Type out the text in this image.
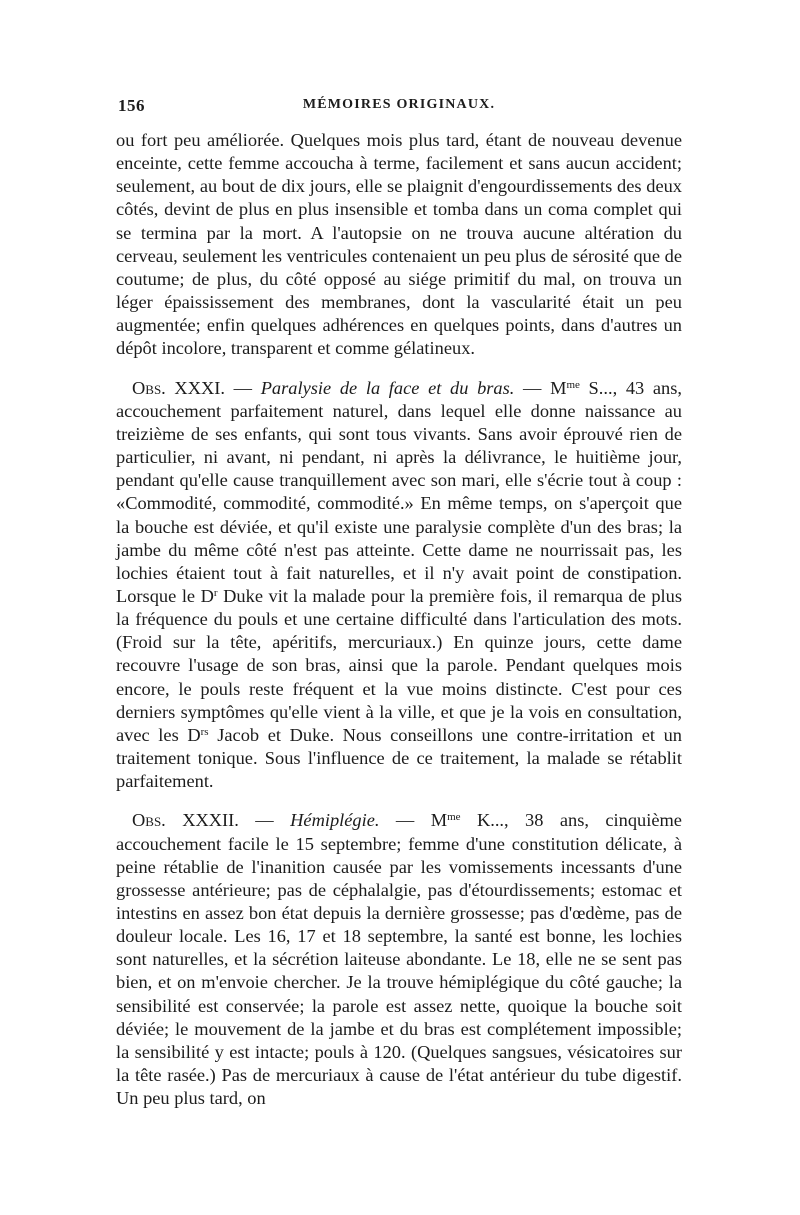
156	MÉMOIRES ORIGINAUX.

ou fort peu améliorée. Quelques mois plus tard, étant de nouveau devenue enceinte, cette femme accoucha à terme, facilement et sans aucun accident; seulement, au bout de dix jours, elle se plaignit d'engourdissements des deux côtés, devint de plus en plus insensible et tomba dans un coma complet qui se termina par la mort. A l'autopsie on ne trouva aucune altération du cerveau, seulement les ventricules contenaient un peu plus de sérosité que de coutume; de plus, du côté opposé au siége primitif du mal, on trouva un léger épaississement des membranes, dont la vascularité était un peu augmentée; enfin quelques adhérences en quelques points, dans d'autres un dépôt incolore, transparent et comme gélatineux.

Obs. XXXI. — Paralysie de la face et du bras. — $M^{me}$ S..., 43 ans, accouchement parfaitement naturel, dans lequel elle donne naissance au treizième de ses enfants, qui sont tous vivants. Sans avoir éprouvé rien de particulier, ni avant, ni pendant, ni après la délivrance, le huitième jour, pendant qu'elle cause tranquillement avec son mari, elle s'écrie tout à coup : «Commodité, commodité, commodité.» En même temps, on s'aperçoit que la bouche est déviée, et qu'il existe une paralysie complète d'un des bras; la jambe du même côté n'est pas atteinte. Cette dame ne nourrissait pas, les lochies étaient tout à fait naturelles, et il n'y avait point de constipation. Lorsque le $D^r$ Duke vit la malade pour la première fois, il remarqua de plus la fréquence du pouls et une certaine difficulté dans l'articulation des mots. (Froid sur la tête, apéritifs, mercuriaux.) En quinze jours, cette dame recouvre l'usage de son bras, ainsi que la parole. Pendant quelques mois encore, le pouls reste fréquent et la vue moins distincte. C'est pour ces derniers symptômes qu'elle vient à la ville, et que je la vois en consultation, avec les $D^{rs}$ Jacob et Duke. Nous conseillons une contre-irritation et un traitement tonique. Sous l'influence de ce traitement, la malade se rétablit parfaitement.

Obs. XXXII. — Hémiplégie. — $M^{me}$ K..., 38 ans, cinquième accouchement facile le 15 septembre; femme d'une constitution délicate, à peine rétablie de l'inanition causée par les vomissements incessants d'une grossesse antérieure; pas de céphalalgie, pas d'étourdissements; estomac et intestins en assez bon état depuis la dernière grossesse; pas d'œdème, pas de douleur locale. Les 16, 17 et 18 septembre, la santé est bonne, les lochies sont naturelles, et la sécrétion laiteuse abondante. Le 18, elle ne se sent pas bien, et on m'envoie chercher. Je la trouve hémiplégique du côté gauche; la sensibilité est conservée; la parole est assez nette, quoique la bouche soit déviée; le mouvement de la jambe et du bras est complétement impossible; la sensibilité y est intacte; pouls à 120. (Quelques sangsues, vésicatoires sur la tête rasée.) Pas de mercuriaux à cause de l'état antérieur du tube digestif. Un peu plus tard, on
